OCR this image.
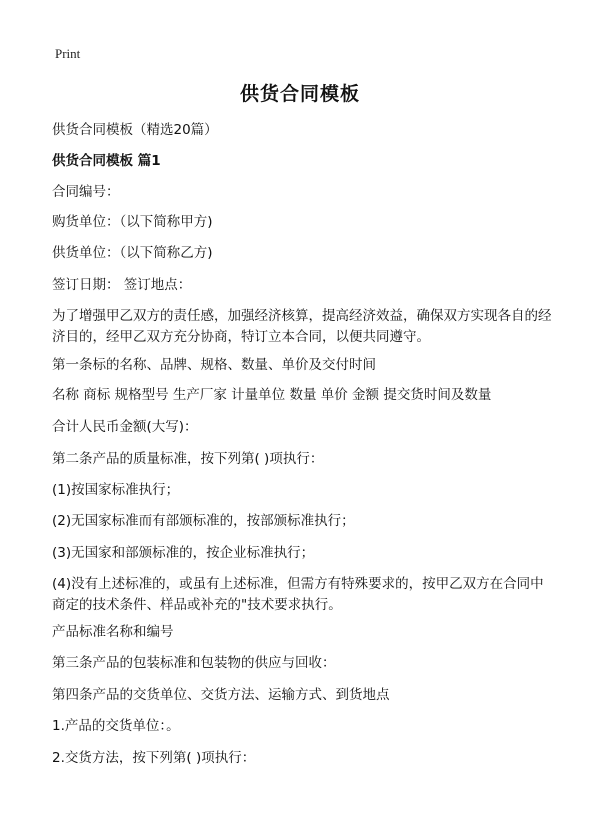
Print
供货合同模板

供货合同模板（精选20篇）

供货合同模板 篇1

合同编号：

购货单位：（以下简称甲方)

供货单位：（以下简称乙方)

签订日期： 签订地点：

为了增强甲乙双方的责任感，加强经济核算，提高经济效益，确保双方实现各自的经济目的，经甲乙双方充分协商，特订立本合同，以便共同遵守。

第一条标的名称、品牌、规格、数量、单价及交付时间

名称 商标 规格型号 生产厂家 计量单位 数量 单价 金额 提交货时间及数量

合计人民币金额(大写)：

第二条产品的质量标准，按下列第( )项执行：

(1)按国家标准执行；

(2)无国家标准而有部颁标准的，按部颁标准执行；

(3)无国家和部颁标准的，按企业标准执行；

(4)没有上述标准的，或虽有上述标准，但需方有特殊要求的，按甲乙双方在合同中商定的技术条件、样品或补充的"技术要求执行。

产品标准名称和编号

第三条产品的包装标准和包装物的供应与回收：

第四条产品的交货单位、交货方法、运输方式、到货地点

1.产品的交货单位：。

2.交货方法，按下列第( )项执行：
